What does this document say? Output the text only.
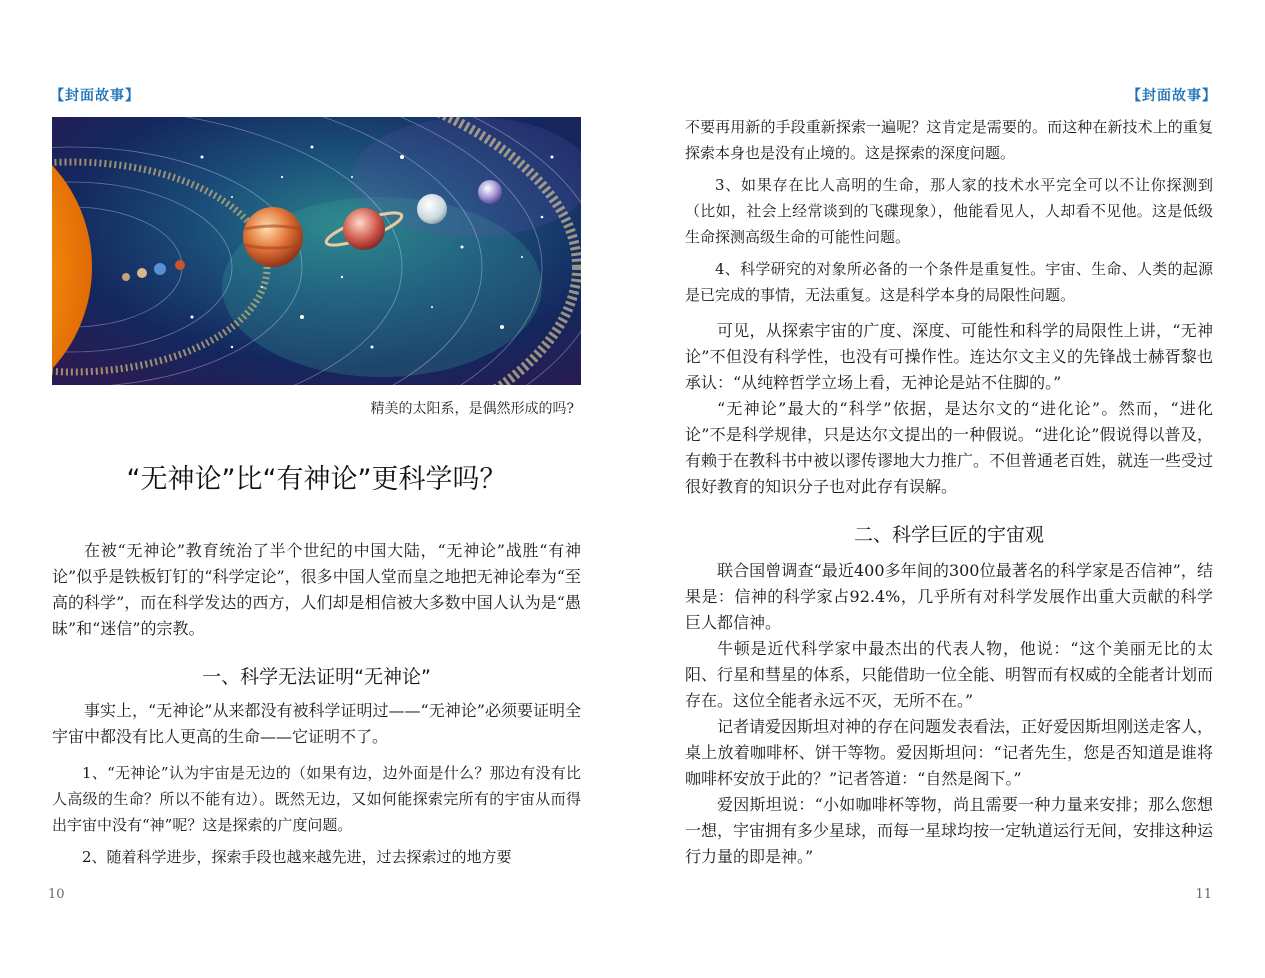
【封面故事】
精美的太阳系，是偶然形成的吗?
“无神论”比“有神论”更科学吗？

在被“无神论”教育统治了半个世纪的中国大陆，“无神论”战胜“有神论”似乎是铁板钉钉的“科学定论”，很多中国人堂而皇之地把无神论奉为“至高的科学”，而在科学发达的西方，人们却是相信被大多数中国人认为是“愚昧”和“迷信”的宗教。

一、科学无法证明“无神论”

事实上，“无神论”从来都没有被科学证明过——“无神论”必须要证明全宇宙中都没有比人更高的生命——它证明不了。

1、“无神论”认为宇宙是无边的（如果有边，边外面是什么？那边有没有比人高级的生命？所以不能有边）。既然无边，又如何能探索完所有的宇宙从而得出宇宙中没有“神”呢？这是探索的广度问题。

2、随着科学进步，探索手段也越来越先进，过去探索过的地方要

10
【封面故事】

不要再用新的手段重新探索一遍呢？这肯定是需要的。而这种在新技术上的重复探索本身也是没有止境的。这是探索的深度问题。

3、如果存在比人高明的生命，那人家的技术水平完全可以不让你探测到（比如，社会上经常谈到的飞碟现象），他能看见人，人却看不见他。这是低级生命探测高级生命的可能性问题。

4、科学研究的对象所必备的一个条件是重复性。宇宙、生命、人类的起源是已完成的事情，无法重复。这是科学本身的局限性问题。

可见，从探索宇宙的广度、深度、可能性和科学的局限性上讲，“无神论”不但没有科学性，也没有可操作性。连达尔文主义的先锋战士赫胥黎也承认：“从纯粹哲学立场上看，无神论是站不住脚的。”

“无神论”最大的“科学”依据，是达尔文的“进化论”。然而，“进化论”不是科学规律，只是达尔文提出的一种假说。“进化论”假说得以普及，有赖于在教科书中被以谬传谬地大力推广。不但普通老百姓，就连一些受过很好教育的知识分子也对此存有误解。

二、科学巨匠的宇宙观

联合国曾调查“最近400多年间的300位最著名的科学家是否信神”，结果是：信神的科学家占92.4%，几乎所有对科学发展作出重大贡献的科学巨人都信神。

牛顿是近代科学家中最杰出的代表人物，他说：“这个美丽无比的太阳、行星和彗星的体系，只能借助一位全能、明智而有权威的全能者计划而存在。这位全能者永远不灭，无所不在。”

记者请爱因斯坦对神的存在问题发表看法，正好爱因斯坦刚送走客人，桌上放着咖啡杯、饼干等物。爱因斯坦问：“记者先生，您是否知道是谁将咖啡杯安放于此的？”记者答道：“自然是阁下。”

爱因斯坦说：“小如咖啡杯等物，尚且需要一种力量来安排；那么您想一想，宇宙拥有多少星球，而每一星球均按一定轨道运行无间，安排这种运行力量的即是神。”

11
